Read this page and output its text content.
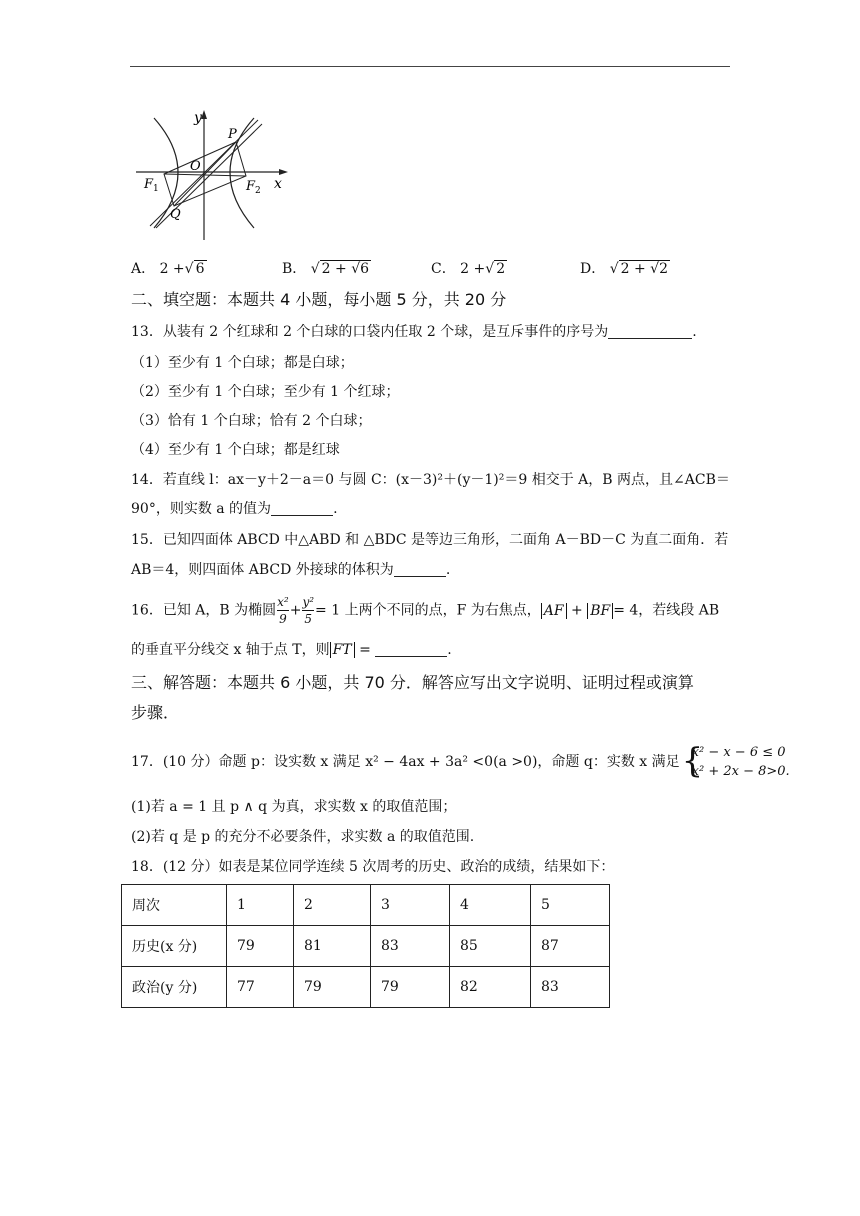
y
x
O
P
Q
$F_1$	$F_2$
A． 2 +√ 6	B． √ 2 + √6	C． 2 +√ 2	D． √ 2 + √2
二、填空题：本题共 4 小题，每小题 5 分，共 20 分
13．从装有 2 个红球和 2 个白球的口袋内任取 2 个球，是互斥事件的序号为	.
（1）至少有 1 个白球；都是白球；
（2）至少有 1 个白球；至少有 1 个红球；
（3）恰有 1 个白球；恰有 2 个白球；
（4）至少有 1 个白球；都是红球
14．若直线 l：ax－y＋2－a＝0 与圆 C：(x－3)²＋(y－1)²＝9 相交于 A，B 两点，且∠ACB＝
90°，则实数 a 的值为	.
15．已知四面体 ABCD 中△ABD 和 △BDC 是等边三角形，二面角 A－BD－C 为直二面角．若
AB＝4，则四面体 ABCD 外接球的体积为	.
16．已知 A，B 为椭圆 $\frac{\text{x²}}{9} + \frac{\text{y²}}{5} = 1$ 上两个不同的点，F 为右焦点， AF + BF = 4，若线段 AB
的垂直平分线交 x 轴于点 T，则 FT =	.
三、解答题：本题共 6 小题，共 70 分．解答应写出文字说明、证明过程或演算
步骤．
17．(10 分）命题 p：设实数 x 满足 x² − 4ax + 3a² <0(a >0)，命题 q：实数 x 满足 {
x² − x − 6 ≤ 0
x² + 2x − 8>0.
(1)若 a = 1 且 p ∧ q 为真，求实数 x 的取值范围；
(2)若 q 是 p 的充分不必要条件，求实数 a 的取值范围.
18．(12 分）如表是某位同学连续 5 次周考的历史、政治的成绩，结果如下：
周次	1	2	3	4	5
历史(x 分)	79	81	83	85	87
政治(y 分)	77	79	79	82	83
